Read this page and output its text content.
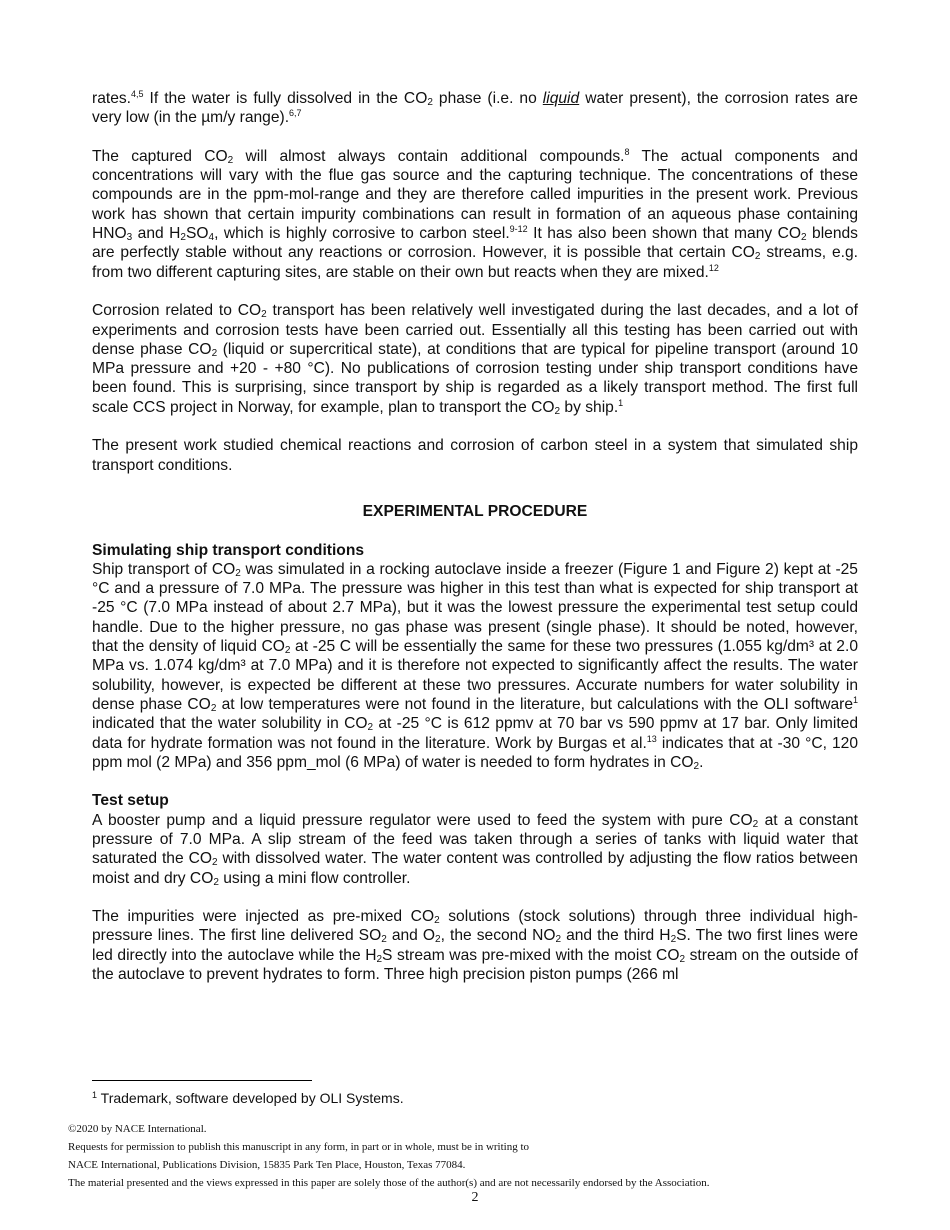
rates.$^{4,5}$ If the water is fully dissolved in the $CO_2$ phase (i.e. no liquid water present), the corrosion rates are very low (in the µm/y range).$^{6,7}$

The captured $CO_2$ will almost always contain additional compounds.$^8$ The actual components and concentrations will vary with the flue gas source and the capturing technique. The concentrations of these compounds are in the ppm-mol-range and they are therefore called impurities in the present work. Previous work has shown that certain impurity combinations can result in formation of an aqueous phase containing $HNO_3$ and $H_2SO_4$, which is highly corrosive to carbon steel.$^{9-12}$ It has also been shown that many $CO_2$ blends are perfectly stable without any reactions or corrosion. However, it is possible that certain $CO_2$ streams, e.g. from two different capturing sites, are stable on their own but reacts when they are mixed.$^{12}$

Corrosion related to $CO_2$ transport has been relatively well investigated during the last decades, and a lot of experiments and corrosion tests have been carried out. Essentially all this testing has been carried out with dense phase $CO_2$ (liquid or supercritical state), at conditions that are typical for pipeline transport (around 10 MPa pressure and +20 - +80 °C). No publications of corrosion testing under ship transport conditions have been found. This is surprising, since transport by ship is regarded as a likely transport method. The first full scale CCS project in Norway, for example, plan to transport the $CO_2$ by ship.$^1$

The present work studied chemical reactions and corrosion of carbon steel in a system that simulated ship transport conditions.

EXPERIMENTAL PROCEDURE
Simulating ship transport conditions

Ship transport of $CO_2$ was simulated in a rocking autoclave inside a freezer (Figure 1 and Figure 2) kept at -25 °C and a pressure of 7.0 MPa. The pressure was higher in this test than what is expected for ship transport at -25 °C (7.0 MPa instead of about 2.7 MPa), but it was the lowest pressure the experimental test setup could handle. Due to the higher pressure, no gas phase was present (single phase). It should be noted, however, that the density of liquid $CO_2$ at -25 C will be essentially the same for these two pressures (1.055 kg/dm³ at 2.0 MPa vs. 1.074 kg/dm³ at 7.0 MPa) and it is therefore not expected to significantly affect the results. The water solubility, however, is expected be different at these two pressures. Accurate numbers for water solubility in dense phase $CO_2$ at low temperatures were not found in the literature, but calculations with the OLI software$^1$ indicated that the water solubility in $CO_2$ at -25 °C is 612 ppmv at 70 bar vs 590 ppmv at 17 bar. Only limited data for hydrate formation was not found in the literature. Work by Burgas et al.$^{13}$ indicates that at -30 °C, 120 ppm mol (2 MPa) and 356 ppm_mol (6 MPa) of water is needed to form hydrates in $CO_2$.

Test setup

A booster pump and a liquid pressure regulator were used to feed the system with pure $CO_2$ at a constant pressure of 7.0 MPa. A slip stream of the feed was taken through a series of tanks with liquid water that saturated the $CO_2$ with dissolved water. The water content was controlled by adjusting the flow ratios between moist and dry $CO_2$ using a mini flow controller.

The impurities were injected as pre-mixed $CO_2$ solutions (stock solutions) through three individual high-pressure lines. The first line delivered $SO_2$ and $O_2$, the second $NO_2$ and the third $H_2S$. The two first lines were led directly into the autoclave while the $H_2S$ stream was pre-mixed with the moist $CO_2$ stream on the outside of the autoclave to prevent hydrates to form. Three high precision piston pumps (266 ml

$^1$ Trademark, software developed by OLI Systems.
©2020 by NACE International.
Requests for permission to publish this manuscript in any form, in part or in whole, must be in writing to
NACE International, Publications Division, 15835 Park Ten Place, Houston, Texas 77084.
The material presented and the views expressed in this paper are solely those of the author(s) and are not necessarily endorsed by the Association.
2
